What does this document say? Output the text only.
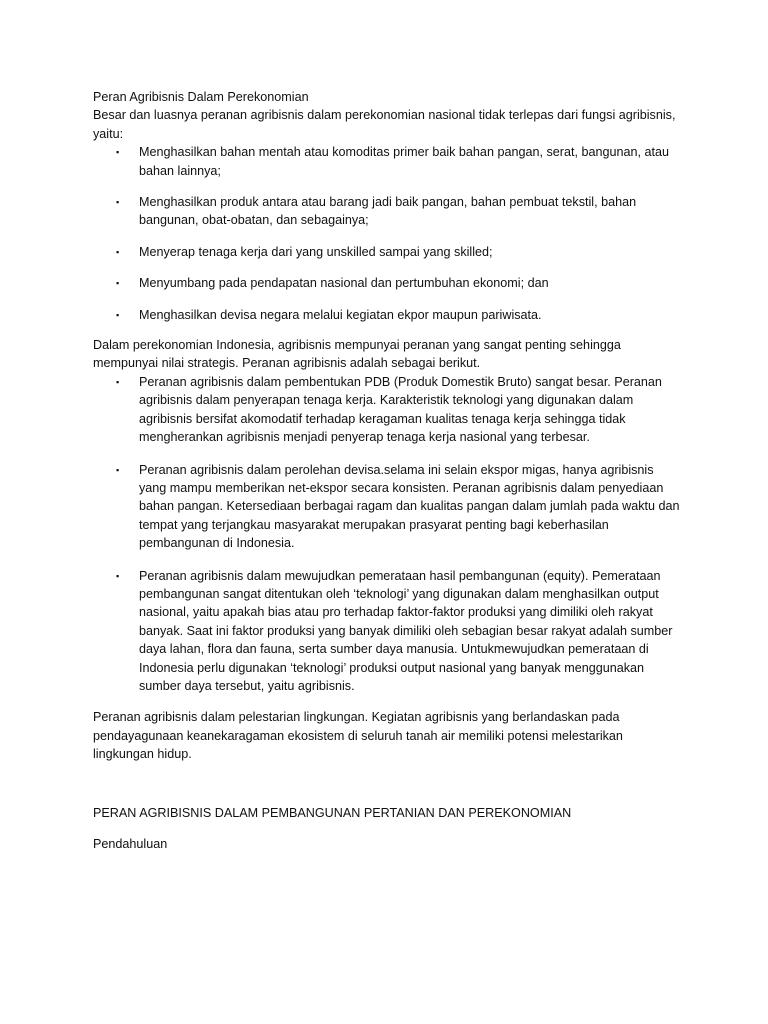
Peran Agribisnis Dalam Perekonomian

Besar dan luasnya peranan agribisnis dalam perekonomian nasional tidak terlepas dari fungsi agribisnis, yaitu:

▪ Menghasilkan bahan mentah atau komoditas primer baik bahan pangan, serat, bangunan, atau bahan lainnya;
▪ Menghasilkan produk antara atau barang jadi baik pangan, bahan pembuat tekstil, bahan bangunan, obat-obatan, dan sebagainya;
▪ Menyerap tenaga kerja dari yang unskilled sampai yang skilled;
▪ Menyumbang pada pendapatan nasional dan pertumbuhan ekonomi; dan
▪ Menghasilkan devisa negara melalui kegiatan ekpor maupun pariwisata.

Dalam perekonomian Indonesia, agribisnis mempunyai peranan yang sangat penting sehingga mempunyai nilai strategis. Peranan agribisnis adalah sebagai berikut.

▪ Peranan agribisnis dalam pembentukan PDB (Produk Domestik Bruto) sangat besar. Peranan agribisnis dalam penyerapan tenaga kerja. Karakteristik teknologi yang digunakan dalam agribisnis bersifat akomodatif terhadap keragaman kualitas tenaga kerja sehingga tidak mengherankan agribisnis menjadi penyerap tenaga kerja nasional yang terbesar.
▪ Peranan agribisnis dalam perolehan devisa.selama ini selain ekspor migas, hanya agribisnis yang mampu memberikan net-ekspor secara konsisten. Peranan agribisnis dalam penyediaan bahan pangan. Ketersediaan berbagai ragam dan kualitas pangan dalam jumlah pada waktu dan tempat yang terjangkau masyarakat merupakan prasyarat penting bagi keberhasilan pembangunan di Indonesia.
▪ Peranan agribisnis dalam mewujudkan pemerataan hasil pembangunan (equity). Pemerataan pembangunan sangat ditentukan oleh ‘teknologi’ yang digunakan dalam menghasilkan output nasional, yaitu apakah bias atau pro terhadap faktor-faktor produksi yang dimiliki oleh rakyat banyak. Saat ini faktor produksi yang banyak dimiliki oleh sebagian besar rakyat adalah sumber daya lahan, flora dan fauna, serta sumber daya manusia. Untukmewujudkan pemerataan di Indonesia perlu digunakan ‘teknologi’ produksi output nasional yang banyak menggunakan sumber daya tersebut, yaitu agribisnis.

Peranan agribisnis dalam pelestarian lingkungan. Kegiatan agribisnis yang berlandaskan pada pendayagunaan keanekaragaman ekosistem di seluruh tanah air memiliki potensi melestarikan lingkungan hidup.

PERAN AGRIBISNIS DALAM PEMBANGUNAN PERTANIAN DAN PEREKONOMIAN

Pendahuluan
